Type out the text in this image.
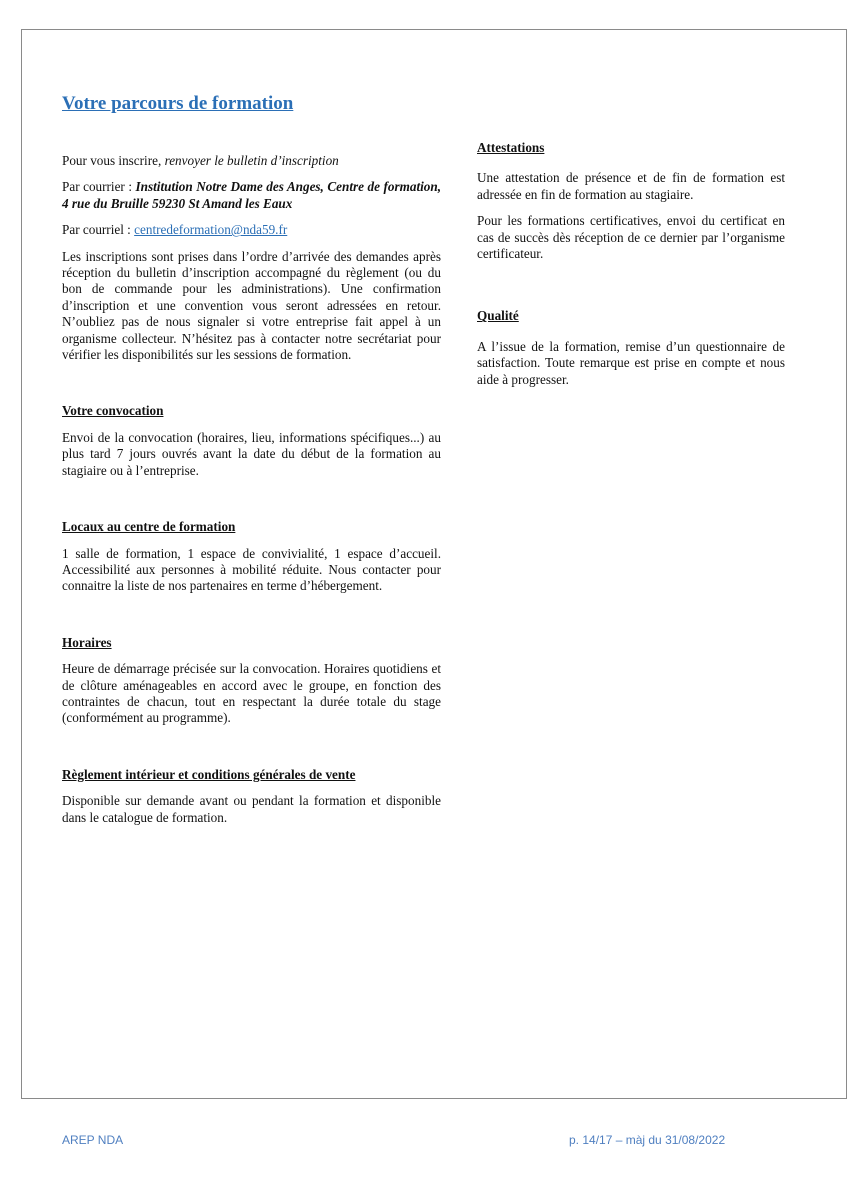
Votre parcours de formation

Pour vous inscrire, renvoyer le bulletin d’inscription

Par courrier : Institution Notre Dame des Anges, Centre de formation, 4 rue du Bruille 59230 St Amand les Eaux

Par courriel : centredeformation@nda59.fr

Les inscriptions sont prises dans l’ordre d’arrivée des demandes après réception du bulletin d’inscription accompagné du règlement (ou du bon de commande pour les administrations). Une confirmation d’inscription et une convention vous seront adressées en retour. N’oubliez pas de nous signaler si votre entreprise fait appel à un organisme collecteur. N’hésitez pas à contacter notre secrétariat pour vérifier les disponibilités sur les sessions de formation.

Votre convocation

Envoi de la convocation (horaires, lieu, informations spécifiques...) au plus tard 7 jours ouvrés avant la date du début de la formation au stagiaire ou à l’entreprise.

Locaux au centre de formation

1 salle de formation, 1 espace de convivialité, 1 espace d’accueil. Accessibilité aux personnes à mobilité réduite. Nous contacter pour connaitre la liste de nos partenaires en terme d’hébergement.

Horaires

Heure de démarrage précisée sur la convocation. Horaires quotidiens et de clôture aménageables en accord avec le groupe, en fonction des contraintes de chacun, tout en respectant la durée totale du stage (conformément au programme).

Règlement intérieur et conditions générales de vente

Disponible sur demande avant ou pendant la formation et disponible dans le catalogue de formation.

Attestations

Une attestation de présence et de fin de formation est adressée en fin de formation au stagiaire.

Pour les formations certificatives, envoi du certificat en cas de succès dès réception de ce dernier par l’organisme certificateur.

Qualité

A l’issue de la formation, remise d’un questionnaire de satisfaction. Toute remarque est prise en compte et nous aide à progresser.

AREP NDA	p. 14/17 – màj du 31/08/2022
